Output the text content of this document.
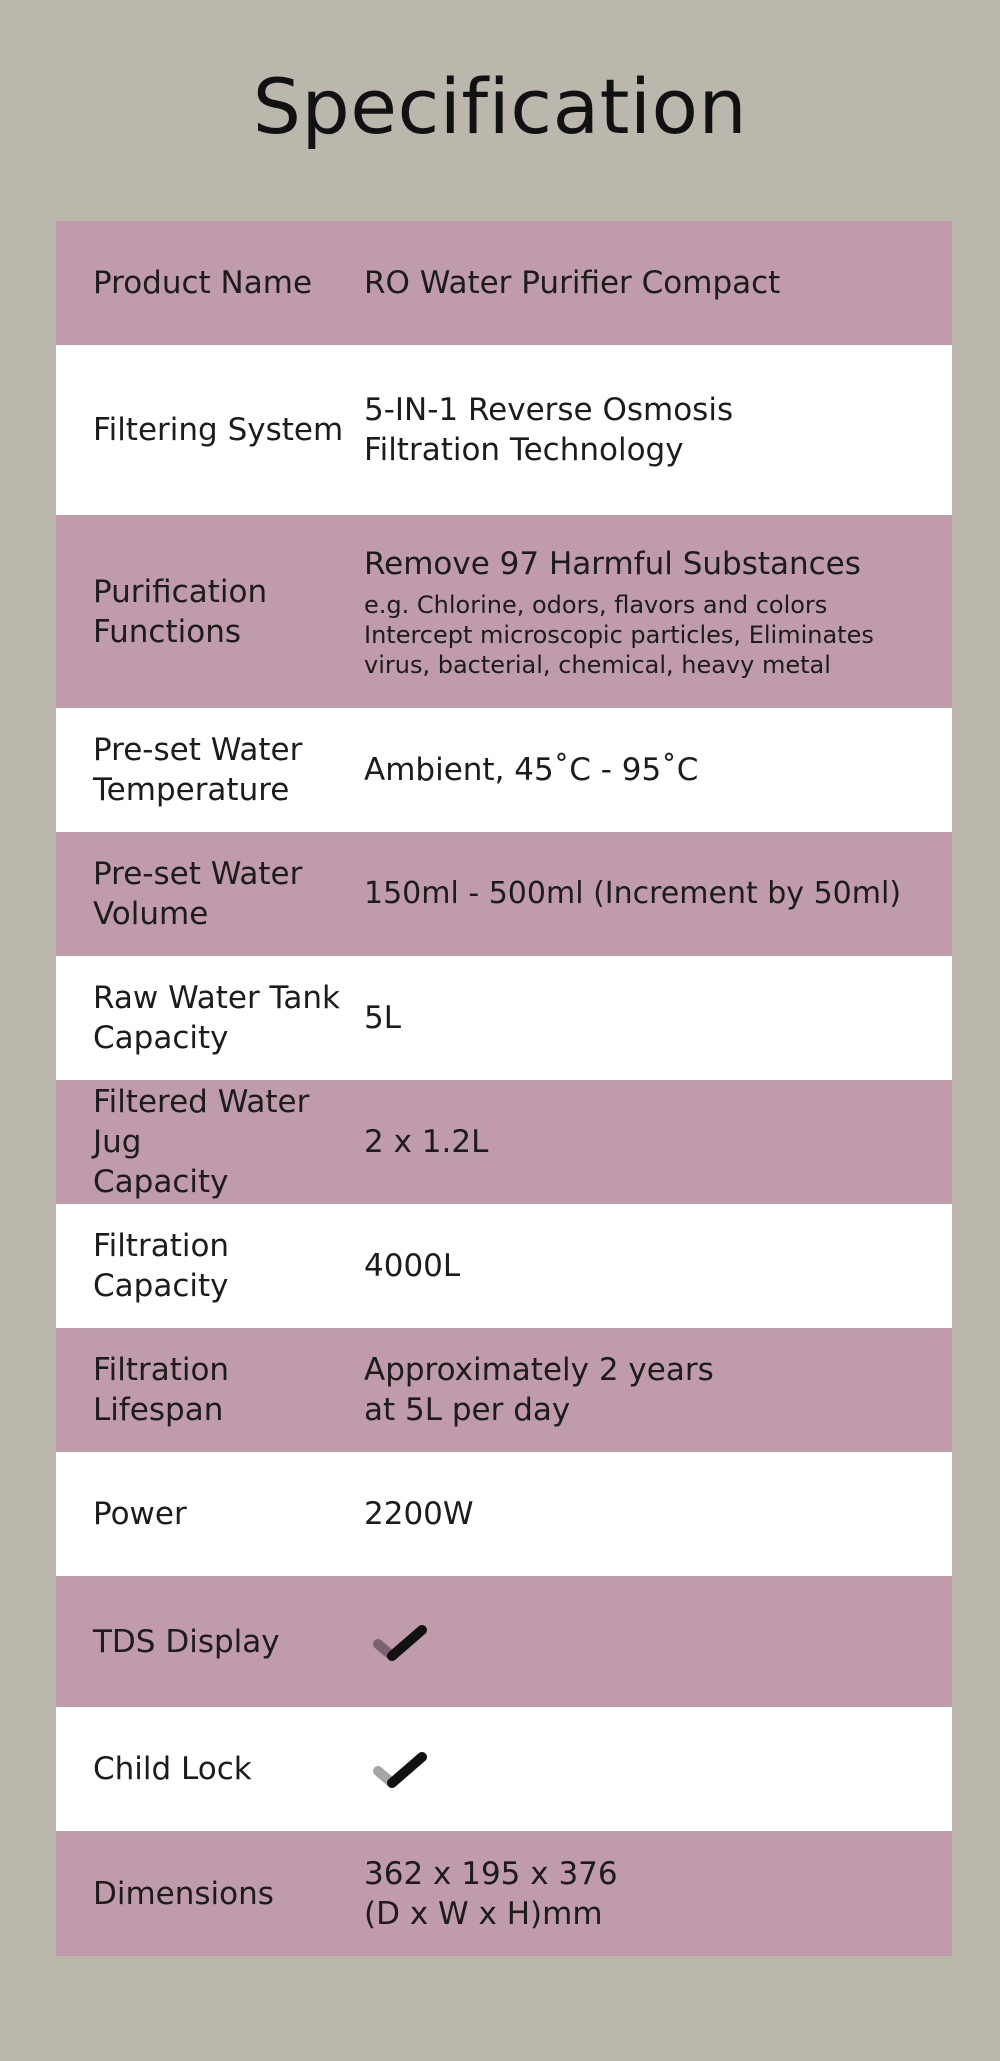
Specification
Product Name	RO Water Purifier Compact
Filtering System
5-IN-1 Reverse Osmosis
Filtration Technology
Purification
Functions
Remove 97 Harmful Substances
e.g. Chlorine, odors, flavors and colors
Intercept microscopic particles, Eliminates
virus, bacterial, chemical, heavy metal
Pre-set Water
Temperature
Ambient, 45˚C - 95˚C
Pre-set Water
Volume
150ml - 500ml (Increment by 50ml)
Raw Water Tank
Capacity
5L
Filtered Water Jug
Capacity
2 x 1.2L
Filtration Capacity
4000L
Filtration Lifespan
Approximately 2 years
at 5L per day
Power	2200W
TDS Display
Child Lock
Dimensions
362 x 195 x 376
(D x W x H)mm
